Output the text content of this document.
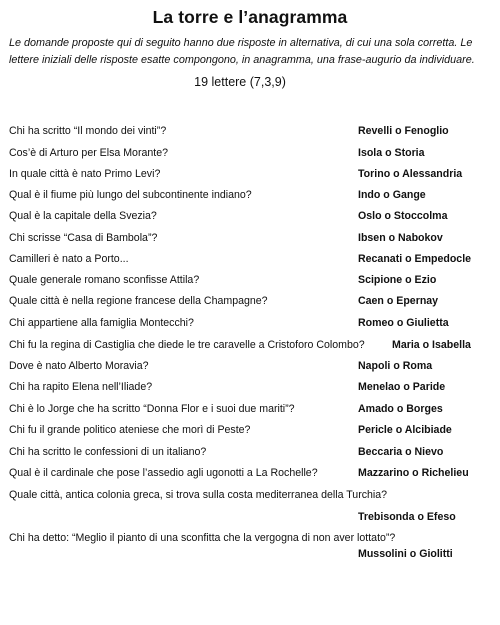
La torre e l’anagramma
Le domande proposte qui di seguito hanno due risposte in alternativa, di cui una sola corretta. Le lettere iniziali delle risposte esatte compongono, in anagramma, una frase-augurio da individuare.
19 lettere (7,3,9)
Chi ha scritto “Il mondo dei vinti”?	Revelli o Fenoglio
Cos’è di Arturo per Elsa Morante?	Isola o Storia
In quale città è nato Primo Levi?	Torino o Alessandria
Qual è il fiume più lungo del subcontinente indiano?	Indo o Gange
Qual è la capitale della Svezia?	Oslo o Stoccolma
Chi scrisse “Casa di Bambola”?	Ibsen o Nabokov
Camilleri è nato a Porto...	Recanati o Empedocle
Quale generale romano sconfisse Attila?	Scipione o Ezio
Quale città è nella regione francese della Champagne?	Caen o Epernay
Chi appartiene alla famiglia Montecchi?	Romeo o Giulietta
Chi fu la regina di Castiglia che diede le tre caravelle a Cristoforo Colombo?	Maria o Isabella
Dove è nato Alberto Moravia?	Napoli o Roma
Chi ha rapito Elena nell’Iliade?	Menelao o Paride
Chi è lo Jorge che ha scritto “Donna Flor e i suoi due mariti”?	Amado o Borges
Chi fu il grande politico ateniese che morì di Peste?	Pericle o Alcibiade
Chi ha scritto le confessioni di un italiano?	Beccaria o Nievo
Qual è il cardinale che pose l’assedio agli ugonotti a La Rochelle?	Mazzarino o Richelieu
Quale città, antica colonia greca, si trova sulla costa mediterranea della Turchia?
Trebisonda o Efeso
Chi ha detto: “Meglio il pianto di una sconfitta che la vergogna di non aver lottato”?
Mussolini o Giolitti
